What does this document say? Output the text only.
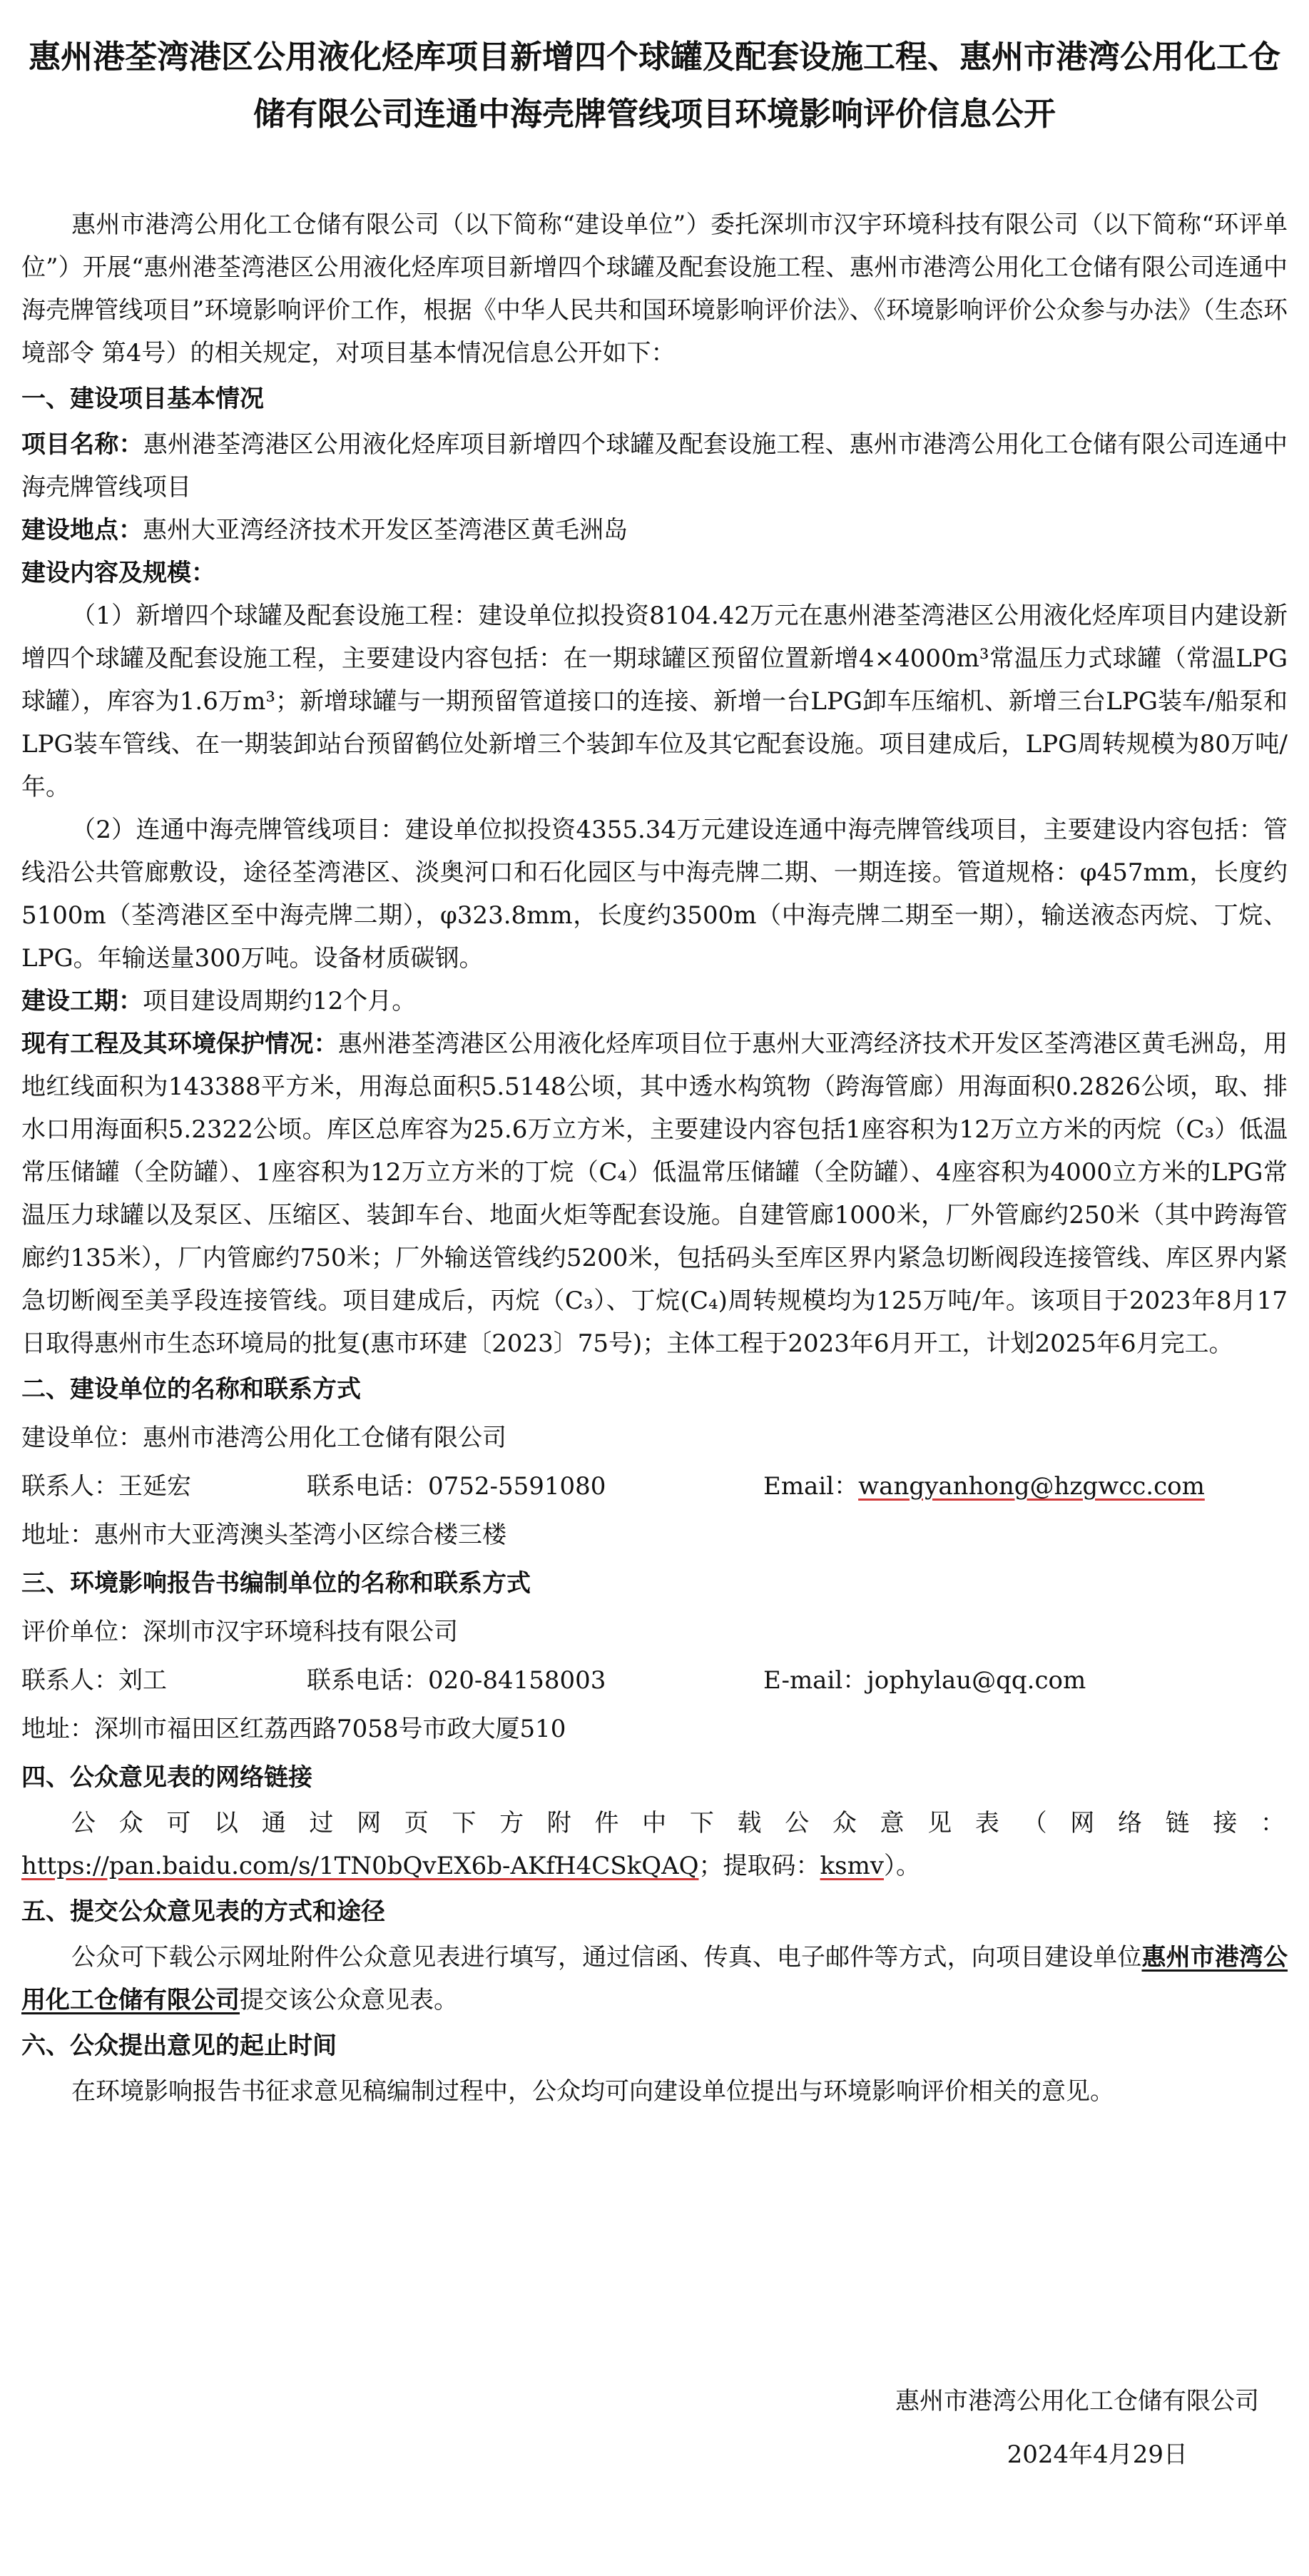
惠州港荃湾港区公用液化烃库项目新增四个球罐及配套设施工程、惠州市港湾公用化工仓储有限公司连通中海壳牌管线项目环境影响评价信息公开

惠州市港湾公用化工仓储有限公司（以下简称“建设单位”）委托深圳市汉宇环境科技有限公司（以下简称“环评单位”）开展“惠州港荃湾港区公用液化烃库项目新增四个球罐及配套设施工程、惠州市港湾公用化工仓储有限公司连通中海壳牌管线项目”环境影响评价工作，根据《中华人民共和国环境影响评价法》、《环境影响评价公众参与办法》（生态环境部令 第4号）的相关规定，对项目基本情况信息公开如下：

一、建设项目基本情况

项目名称：惠州港荃湾港区公用液化烃库项目新增四个球罐及配套设施工程、惠州市港湾公用化工仓储有限公司连通中海壳牌管线项目

建设地点：惠州大亚湾经济技术开发区荃湾港区黄毛洲岛

建设内容及规模：

（1）新增四个球罐及配套设施工程：建设单位拟投资8104.42万元在惠州港荃湾港区公用液化烃库项目内建设新增四个球罐及配套设施工程，主要建设内容包括：在一期球罐区预留位置新增4×4000m³常温压力式球罐（常温LPG球罐），库容为1.6万m³；新增球罐与一期预留管道接口的连接、新增一台LPG卸车压缩机、新增三台LPG装车/船泵和LPG装车管线、在一期装卸站台预留鹤位处新增三个装卸车位及其它配套设施。项目建成后，LPG周转规模为80万吨/年。

（2）连通中海壳牌管线项目：建设单位拟投资4355.34万元建设连通中海壳牌管线项目，主要建设内容包括：管线沿公共管廊敷设，途径荃湾港区、淡奥河口和石化园区与中海壳牌二期、一期连接。管道规格：φ457mm，长度约5100m（荃湾港区至中海壳牌二期），φ323.8mm，长度约3500m（中海壳牌二期至一期），输送液态丙烷、丁烷、LPG。年输送量300万吨。设备材质碳钢。

建设工期：项目建设周期约12个月。

现有工程及其环境保护情况：惠州港荃湾港区公用液化烃库项目位于惠州大亚湾经济技术开发区荃湾港区黄毛洲岛，用地红线面积为143388平方米，用海总面积5.5148公顷，其中透水构筑物（跨海管廊）用海面积0.2826公顷，取、排水口用海面积5.2322公顷。库区总库容为25.6万立方米，主要建设内容包括1座容积为12万立方米的丙烷（C₃）低温常压储罐（全防罐）、1座容积为12万立方米的丁烷（C₄）低温常压储罐（全防罐）、4座容积为4000立方米的LPG常温压力球罐以及泵区、压缩区、装卸车台、地面火炬等配套设施。自建管廊1000米，厂外管廊约250米（其中跨海管廊约135米），厂内管廊约750米；厂外输送管线约5200米，包括码头至库区界内紧急切断阀段连接管线、库区界内紧急切断阀至美孚段连接管线。项目建成后，丙烷（C₃）、丁烷(C₄)周转规模均为125万吨/年。该项目于2023年8月17日取得惠州市生态环境局的批复(惠市环建〔2023〕75号)；主体工程于2023年6月开工，计划2025年6月完工。

二、建设单位的名称和联系方式
建设单位：惠州市港湾公用化工仓储有限公司
联系人：王延宏	联系电话：0752-5591080	Email：wangyanhong@hzgwcc.com
地址：惠州市大亚湾澳头荃湾小区综合楼三楼
三、环境影响报告书编制单位的名称和联系方式
评价单位：深圳市汉宇环境科技有限公司
联系人：刘工	联系电话：020-84158003	E-mail：jophylau@qq.com
地址：深圳市福田区红荔西路7058号市政大厦510
四、公众意见表的网络链接

公众可以通过网页下方附件中下载公众意见表（网络链接：

https://pan.baidu.com/s/1TN0bQvEX6b-AKfH4CSkQAQ；提取码：ksmv）。

五、提交公众意见表的方式和途径

公众可下载公示网址附件公众意见表进行填写，通过信函、传真、电子邮件等方式，向项目建设单位惠州市港湾公用化工仓储有限公司提交该公众意见表。

六、公众提出意见的起止时间

在环境影响报告书征求意见稿编制过程中，公众均可向建设单位提出与环境影响评价相关的意见。

惠州市港湾公用化工仓储有限公司
2024年4月29日
